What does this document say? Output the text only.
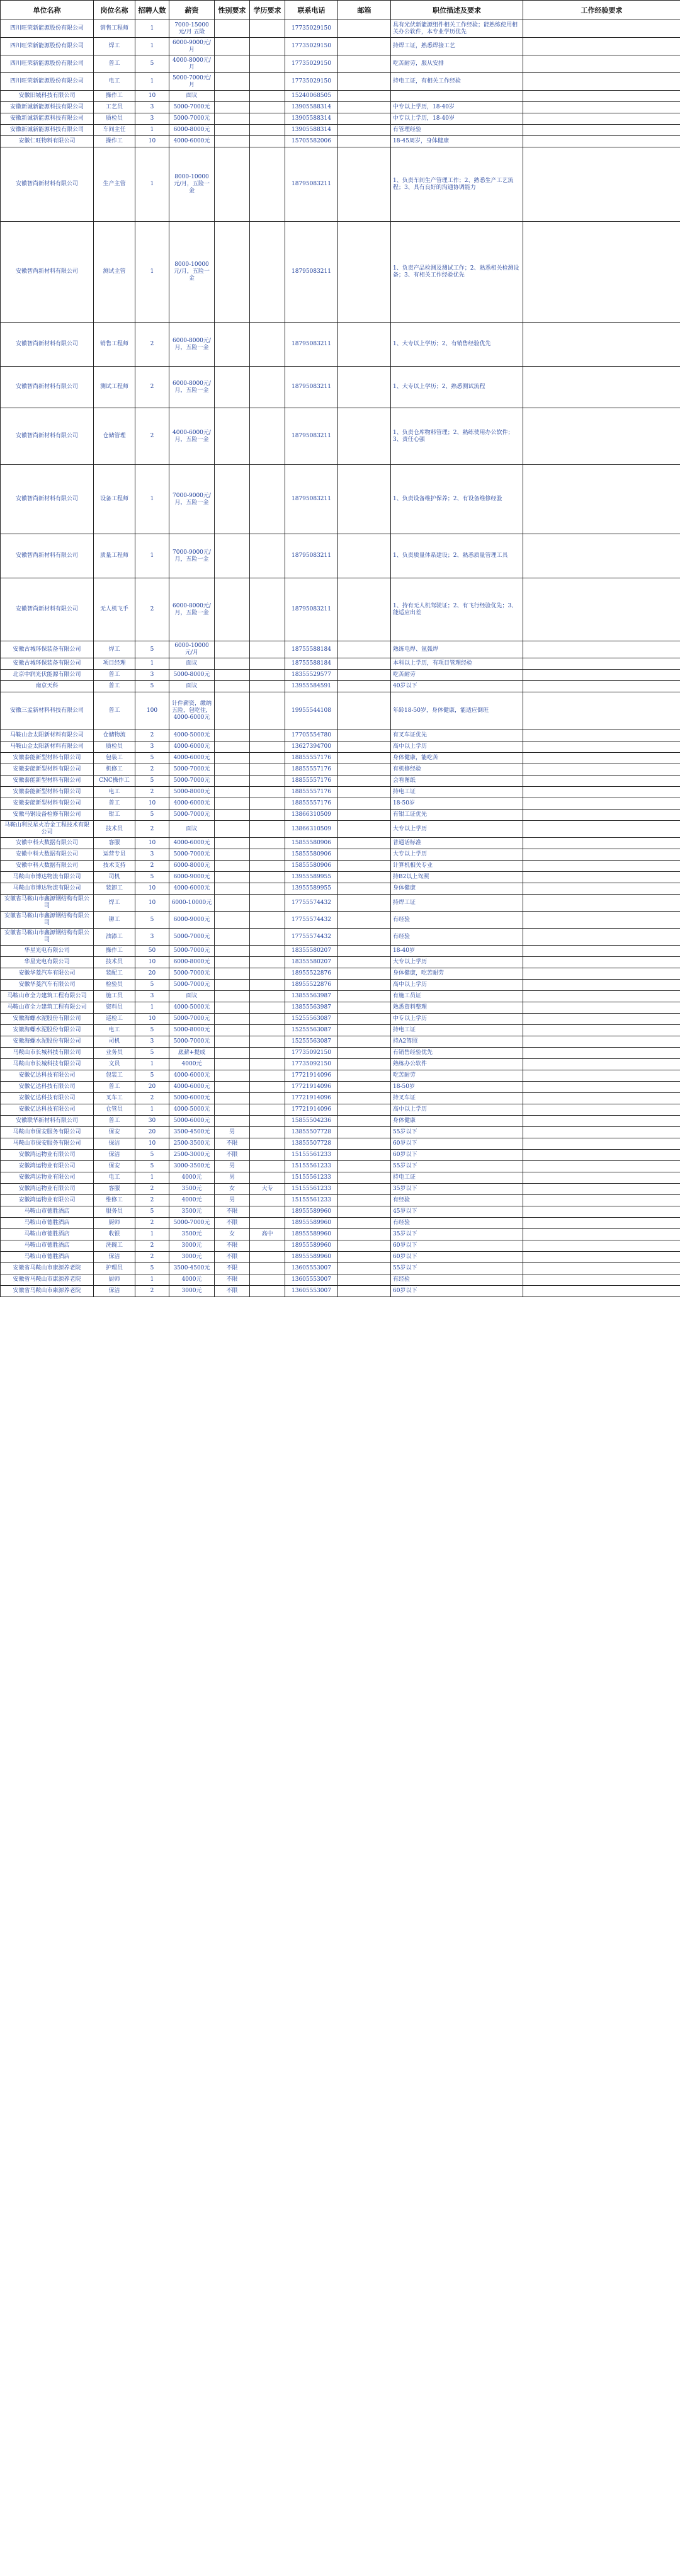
单位名称	岗位名称	招聘人数	薪资	性别要求	学历要求	联系电话	邮箱	职位描述及要求	工作经验要求
四川旺荣新能源股份有限公司	销售工程师	1	7000-15000元/月 五险			17735029150		具有光伏新能源组件相关工作经验；能熟练使用相关办公软件，本专业学历优先	
四川旺荣新能源股份有限公司	焊工	1	6000-9000元/月			17735029150		持焊工证，熟悉焊接工艺	
四川旺荣新能源股份有限公司	普工	5	4000-8000元/月			17735029150		吃苦耐劳，服从安排	
四川旺荣新能源股份有限公司	电工	1	5000-7000元/月			17735029150		持电工证，有相关工作经验	
安徽旧城科技有限公司	操作工	10	面议			15240068505			
安徽新诚新能源科技有限公司	工艺员	3	5000-7000元			13905588314		中专以上学历，18-40岁	
安徽新诚新能源科技有限公司	质检员	3	5000-7000元			13905588314		中专以上学历，18-40岁	
安徽新诚新能源科技有限公司	车间主任	1	6000-8000元			13905588314		有管理经验	
安徽仁旺物料有限公司	操作工	10	4000-6000元			15705582006		18-45周岁，身体健康	
安徽智尚新材料有限公司	生产主管	1	8000-10000元/月，五险一金			18795083211		1、负责车间生产管理工作；2、熟悉生产工艺流程；3、具有良好的沟通协调能力	
安徽智尚新材料有限公司	测试主管	1	8000-10000元/月，五险一金			18795083211		1、负责产品检测及测试工作；2、熟悉相关检测设备；3、有相关工作经验优先	
安徽智尚新材料有限公司	销售工程师	2	6000-8000元/月，五险一金			18795083211		1、大专以上学历；2、有销售经验优先	
安徽智尚新材料有限公司	测试工程师	2	6000-8000元/月，五险一金			18795083211		1、大专以上学历；2、熟悉测试流程	
安徽智尚新材料有限公司	仓储管理	2	4000-6000元/月，五险一金			18795083211		1、负责仓库物料管理；2、熟练使用办公软件；3、责任心强	
安徽智尚新材料有限公司	设备工程师	1	7000-9000元/月，五险一金			18795083211		1、负责设备维护保养；2、有设备维修经验	
安徽智尚新材料有限公司	质量工程师	1	7000-9000元/月，五险一金			18795083211		1、负责质量体系建设；2、熟悉质量管理工具	
安徽智尚新材料有限公司	无人机飞手	2	6000-8000元/月，五险一金			18795083211		1、持有无人机驾驶证；2、有飞行经验优先；3、能适应出差	
安徽古城环保装备有限公司	焊工	5	6000-10000元/月			18755588184		熟练电焊、氩弧焊	
安徽古城环保装备有限公司	项目经理	1	面议			18755588184		本科以上学历，有项目管理经验	
北京中润光伏能源有限公司	普工	3	5000-8000元			18355529577		吃苦耐劳	
南京天科	普工	5	面议			13955584591		40岁以下	
安徽三孟新材料科技有限公司	普工	100	计件薪资，缴纳五险，包吃住，4000-6000元			19955544108		年龄18-50岁，身体健康，能适应倒班	
马鞍山金太阳新材料有限公司	仓储物流	2	4000-5000元			17705554780		有叉车证优先	
马鞍山金太阳新材料有限公司	质检员	3	4000-6000元			13627394700		高中以上学历	
安徽泰能新型材料有限公司	包装工	5	4000-6000元			18855557176		身体健康，能吃苦	
安徽泰能新型材料有限公司	机修工	2	5000-7000元			18855557176		有机修经验	
安徽泰能新型材料有限公司	CNC操作工	5	5000-7000元			18855557176		会看图纸	
安徽泰能新型材料有限公司	电工	2	5000-8000元			18855557176		持电工证	
安徽泰能新型材料有限公司	普工	10	4000-6000元			18855557176		18-50岁	
安徽马钢设备检修有限公司	钳工	5	5000-7000元			13866310509		有钳工证优先	
马鞍山利民星火冶金工程技术有限公司	技术员	2	面议			13866310509		大专以上学历	
安徽中科大数据有限公司	客服	10	4000-6000元			15855580906		普通话标准	
安徽中科大数据有限公司	运营专员	3	5000-7000元			15855580906		大专以上学历	
安徽中科大数据有限公司	技术支持	2	6000-8000元			15855580906		计算机相关专业	
马鞍山市博达物流有限公司	司机	5	6000-9000元			13955589955		持B2以上驾照	
马鞍山市博达物流有限公司	装卸工	10	4000-6000元			13955589955		身体健康	
安徽省马鞍山市鑫源钢结构有限公司	焊工	10	6000-10000元			17755574432		持焊工证	
安徽省马鞍山市鑫源钢结构有限公司	铆工	5	6000-9000元			17755574432		有经验	
安徽省马鞍山市鑫源钢结构有限公司	油漆工	3	5000-7000元			17755574432		有经验	
华星光电有限公司	操作工	50	5000-7000元			18355580207		18-40岁	
华星光电有限公司	技术员	10	6000-8000元			18355580207		大专以上学历	
安徽华菱汽车有限公司	装配工	20	5000-7000元			18955522876		身体健康，吃苦耐劳	
安徽华菱汽车有限公司	检验员	5	5000-7000元			18955522876		高中以上学历	
马鞍山市全力建筑工程有限公司	施工员	3	面议			13855563987		有施工员证	
马鞍山市全力建筑工程有限公司	资料员	1	4000-5000元			13855563987		熟悉资料整理	
安徽海螺水泥股份有限公司	巡检工	10	5000-7000元			15255563087		中专以上学历	
安徽海螺水泥股份有限公司	电工	5	5000-8000元			15255563087		持电工证	
安徽海螺水泥股份有限公司	司机	3	5000-7000元			15255563087		持A2驾照	
马鞍山市长城科技有限公司	业务员	5	底薪+提成			17735092150		有销售经验优先	
马鞍山市长城科技有限公司	文员	1	4000元			17735092150		熟练办公软件	
安徽亿达科技有限公司	包装工	5	4000-6000元			17721914096		吃苦耐劳	
安徽亿达科技有限公司	普工	20	4000-6000元			17721914096		18-50岁	
安徽亿达科技有限公司	叉车工	2	5000-6000元			17721914096		持叉车证	
安徽亿达科技有限公司	仓管员	1	4000-5000元			17721914096		高中以上学历	
安徽联华新材料有限公司	普工	30	5000-6000元			15855504236		身体健康	
马鞍山市保安服务有限公司	保安	20	3500-4500元	男		13855507728		55岁以下	
马鞍山市保安服务有限公司	保洁	10	2500-3500元	不限		13855507728		60岁以下	
安徽鸿运物业有限公司	保洁	5	2500-3000元	不限		15155561233		60岁以下	
安徽鸿运物业有限公司	保安	5	3000-3500元	男		15155561233		55岁以下	
安徽鸿运物业有限公司	电工	1	4000元	男		15155561233		持电工证	
安徽鸿运物业有限公司	客服	2	3500元	女	大专	15155561233		35岁以下	
安徽鸿运物业有限公司	维修工	2	4000元	男		15155561233		有经验	
马鞍山市德胜酒店	服务员	5	3500元	不限		18955589960		45岁以下	
马鞍山市德胜酒店	厨师	2	5000-7000元	不限		18955589960		有经验	
马鞍山市德胜酒店	收银	1	3500元	女	高中	18955589960		35岁以下	
马鞍山市德胜酒店	洗碗工	2	3000元	不限		18955589960		60岁以下	
马鞍山市德胜酒店	保洁	2	3000元	不限		18955589960		60岁以下	
安徽省马鞍山市康源养老院	护理员	5	3500-4500元	不限		13605553007		55岁以下	
安徽省马鞍山市康源养老院	厨师	1	4000元	不限		13605553007		有经验	
安徽省马鞍山市康源养老院	保洁	2	3000元	不限		13605553007		60岁以下	
